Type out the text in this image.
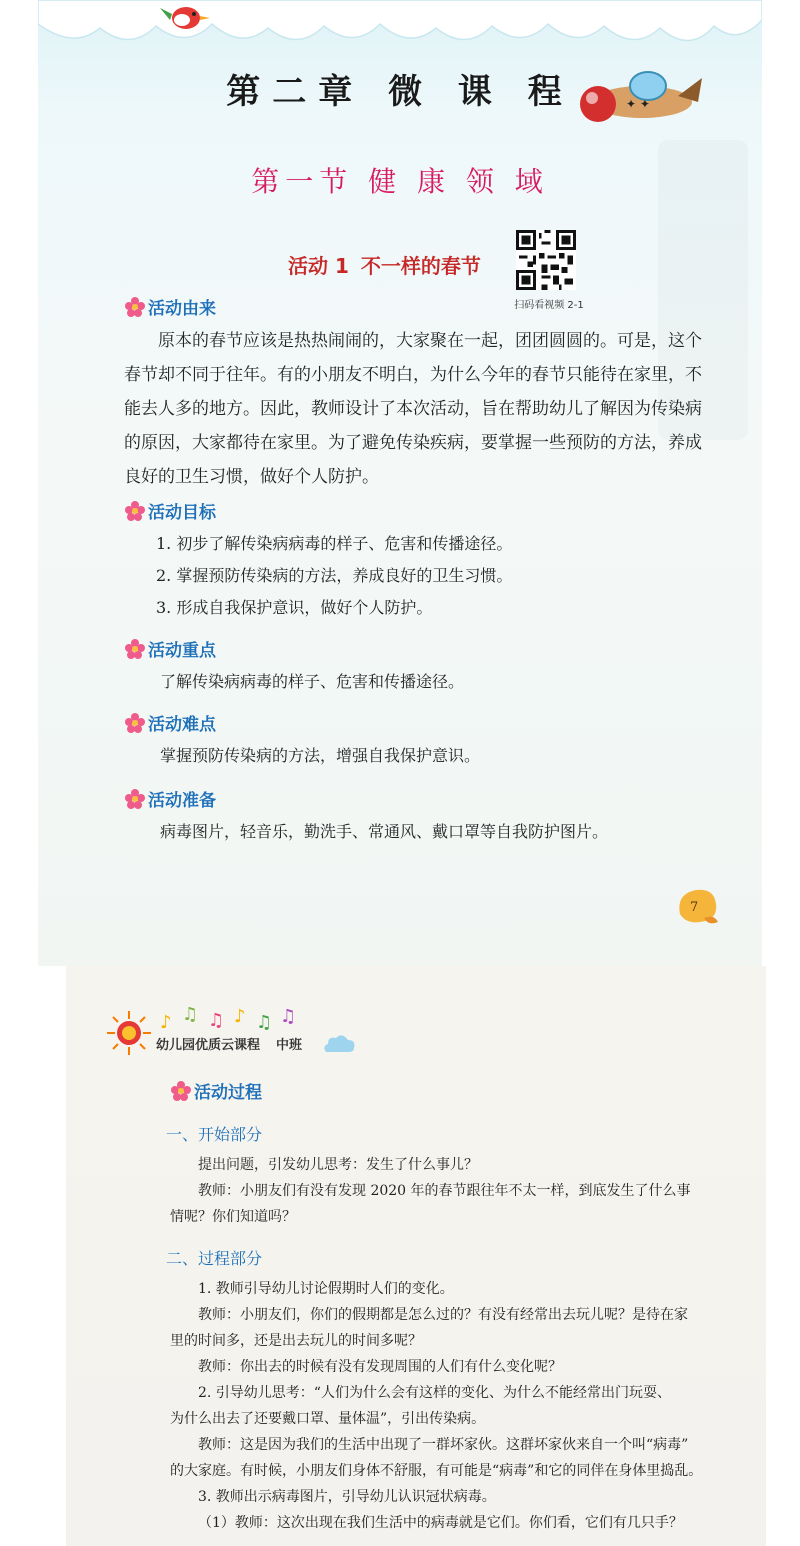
✦ ✦
第二章 微 课 程
第一节 健 康 领 域
活动 1 不一样的春节
扫码看视频 2-1
活动由来
原本的春节应该是热热闹闹的，大家聚在一起，团团圆圆的。可是，这个
春节却不同于往年。有的小朋友不明白，为什么今年的春节只能待在家里，不
能去人多的地方。因此，教师设计了本次活动，旨在帮助幼儿了解因为传染病
的原因，大家都待在家里。为了避免传染疾病，要掌握一些预防的方法，养成
良好的卫生习惯，做好个人防护。
活动目标
1. 初步了解传染病病毒的样子、危害和传播途径。
2. 掌握预防传染病的方法，养成良好的卫生习惯。
3. 形成自我保护意识，做好个人防护。
活动重点
了解传染病病毒的样子、危害和传播途径。
活动难点
掌握预防传染病的方法，增强自我保护意识。
活动准备
病毒图片，轻音乐，勤洗手、常通风、戴口罩等自我防护图片。
7
♪ ♫ ♫ ♪ ♫ ♫
幼儿园优质云课程 中班
活动过程
一、开始部分
提出问题，引发幼儿思考：发生了什么事儿？
教师：小朋友们有没有发现 2020 年的春节跟往年不太一样，到底发生了什么事
情呢？你们知道吗？
二、过程部分
1. 教师引导幼儿讨论假期时人们的变化。
教师：小朋友们，你们的假期都是怎么过的？有没有经常出去玩儿呢？是待在家
里的时间多，还是出去玩儿的时间多呢？
教师：你出去的时候有没有发现周围的人们有什么变化呢？
2. 引导幼儿思考：“人们为什么会有这样的变化、为什么不能经常出门玩耍、
为什么出去了还要戴口罩、量体温”，引出传染病。
教师：这是因为我们的生活中出现了一群坏家伙。这群坏家伙来自一个叫“病毒”
的大家庭。有时候，小朋友们身体不舒服，有可能是“病毒”和它的同伴在身体里捣乱。
3. 教师出示病毒图片，引导幼儿认识冠状病毒。
（1）教师：这次出现在我们生活中的病毒就是它们。你们看，它们有几只手？
